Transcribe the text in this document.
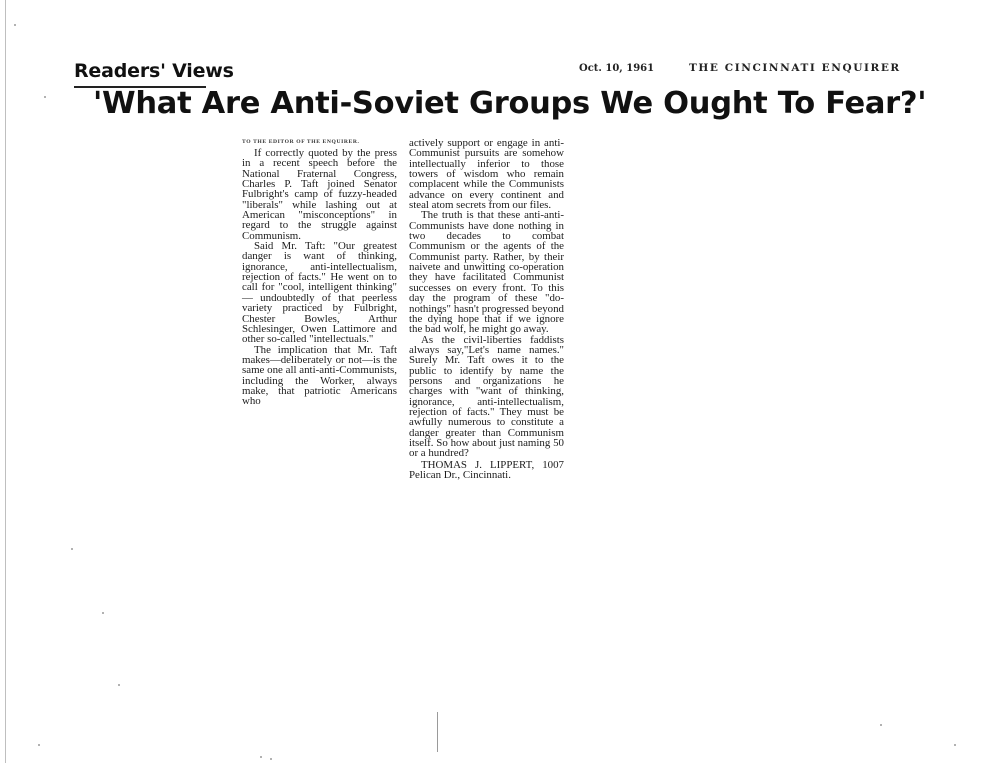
Readers' Views	Oct. 10, 1961	THE CINCINNATI ENQUIRER
'What Are Anti-Soviet Groups We Ought To Fear?'
TO THE EDITOR OF THE ENQUIRER.

If correctly quoted by the press in a recent speech before the National Fraternal Congress, Charles P. Taft joined Senator Fulbright's camp of fuzzy-headed "liberals" while lashing out at American "misconceptions" in regard to the struggle against Communism.

Said Mr. Taft: "Our greatest danger is want of thinking, ignorance, anti-intellectualism, rejection of facts." He went on to call for "cool, intelligent thinking" — undoubtedly of that peerless variety practiced by Fulbright, Chester Bowles, Arthur Schlesinger, Owen Lattimore and other so-called "intellectuals."

The implication that Mr. Taft makes—deliberately or not—is the same one all anti-anti-Communists, including the Worker, always make, that patriotic Americans who

actively support or engage in anti-Communist pursuits are somehow intellectually inferior to those towers of wisdom who remain complacent while the Communists advance on every continent and steal atom secrets from our files.

The truth is that these anti-anti-Communists have done nothing in two decades to combat Communism or the agents of the Communist party. Rather, by their naivete and unwitting co-operation they have facilitated Communist successes on every front. To this day the program of these "do-nothings" hasn't progressed beyond the dying hope that if we ignore the bad wolf, he might go away.

As the civil-liberties faddists always say,"Let's name names." Surely Mr. Taft owes it to the public to identify by name the persons and organizations he charges with "want of thinking, ignorance, anti-intellectualism, rejection of facts." They must be awfully numerous to constitute a danger greater than Communism itself. So how about just naming 50 or a hundred?

THOMAS J. LIPPERT, 1007 Pelican Dr., Cincinnati.
